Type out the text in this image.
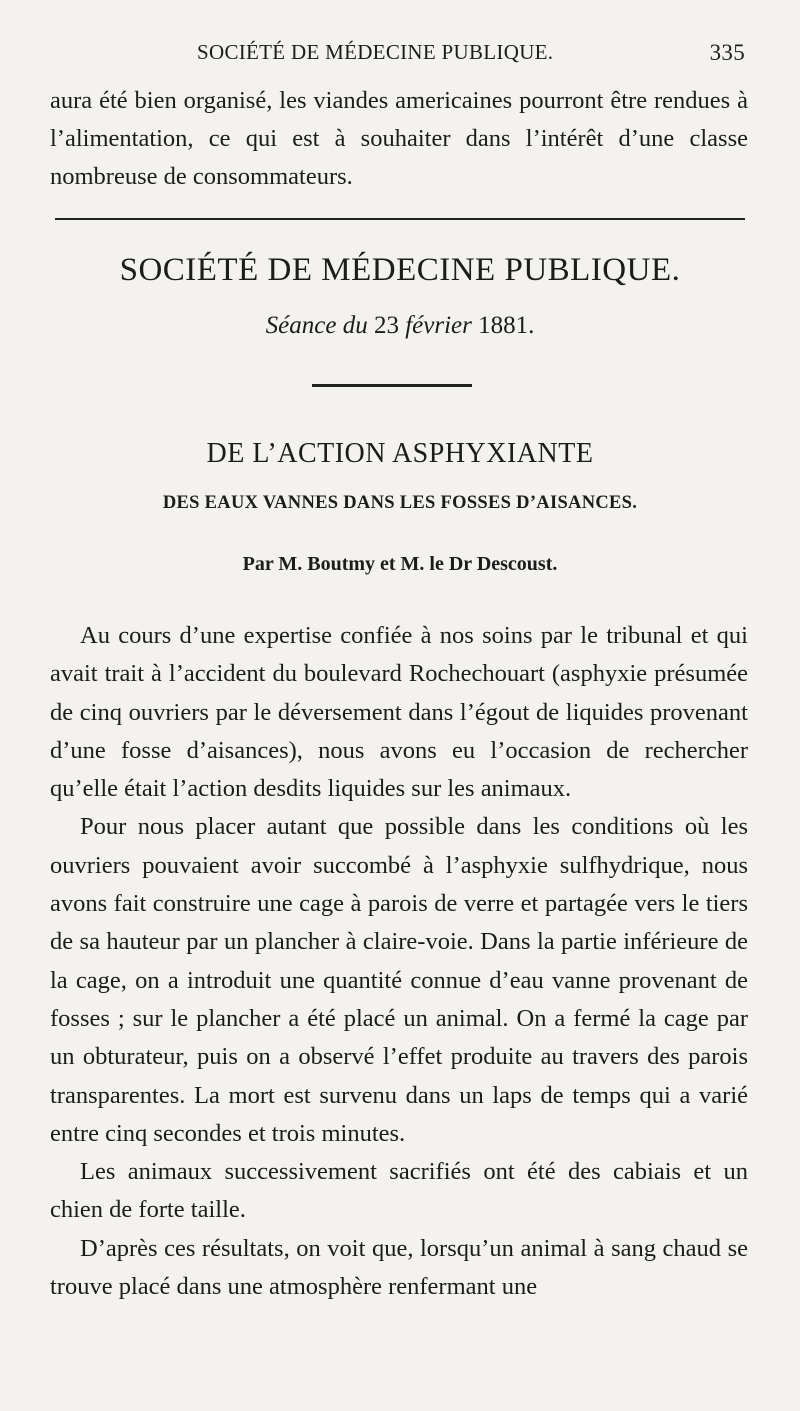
SOCIÉTÉ DE MÉDECINE PUBLIQUE.	335
aura été bien organisé, les viandes americaines pourront être rendues à l’alimentation, ce qui est à souhaiter dans l’intérêt d’une classe nombreuse de consommateurs.
SOCIÉTÉ DE MÉDECINE PUBLIQUE.
Séance du 23 février 1881.
DE L’ACTION ASPHYXIANTE
DES EAUX VANNES DANS LES FOSSES D’AISANCES.
Par M. Boutmy et M. le Dr Descoust.

Au cours d’une expertise confiée à nos soins par le tribunal et qui avait trait à l’accident du boulevard Rochechouart (asphyxie présumée de cinq ouvriers par le déversement dans l’égout de liquides provenant d’une fosse d’aisances), nous avons eu l’occasion de rechercher qu’elle était l’action desdits liquides sur les animaux.

Pour nous placer autant que possible dans les conditions où les ouvriers pouvaient avoir succombé à l’asphyxie sulfhydrique, nous avons fait construire une cage à parois de verre et partagée vers le tiers de sa hauteur par un plancher à claire-voie. Dans la partie inférieure de la cage, on a introduit une quantité connue d’eau vanne provenant de fosses ; sur le plancher a été placé un animal. On a fermé la cage par un obturateur, puis on a observé l’effet produite au travers des parois transparentes. La mort est survenu dans un laps de temps qui a varié entre cinq secondes et trois minutes.

Les animaux successivement sacrifiés ont été des cabiais et un chien de forte taille.

D’après ces résultats, on voit que, lorsqu’un animal à sang chaud se trouve placé dans une atmosphère renfermant une
